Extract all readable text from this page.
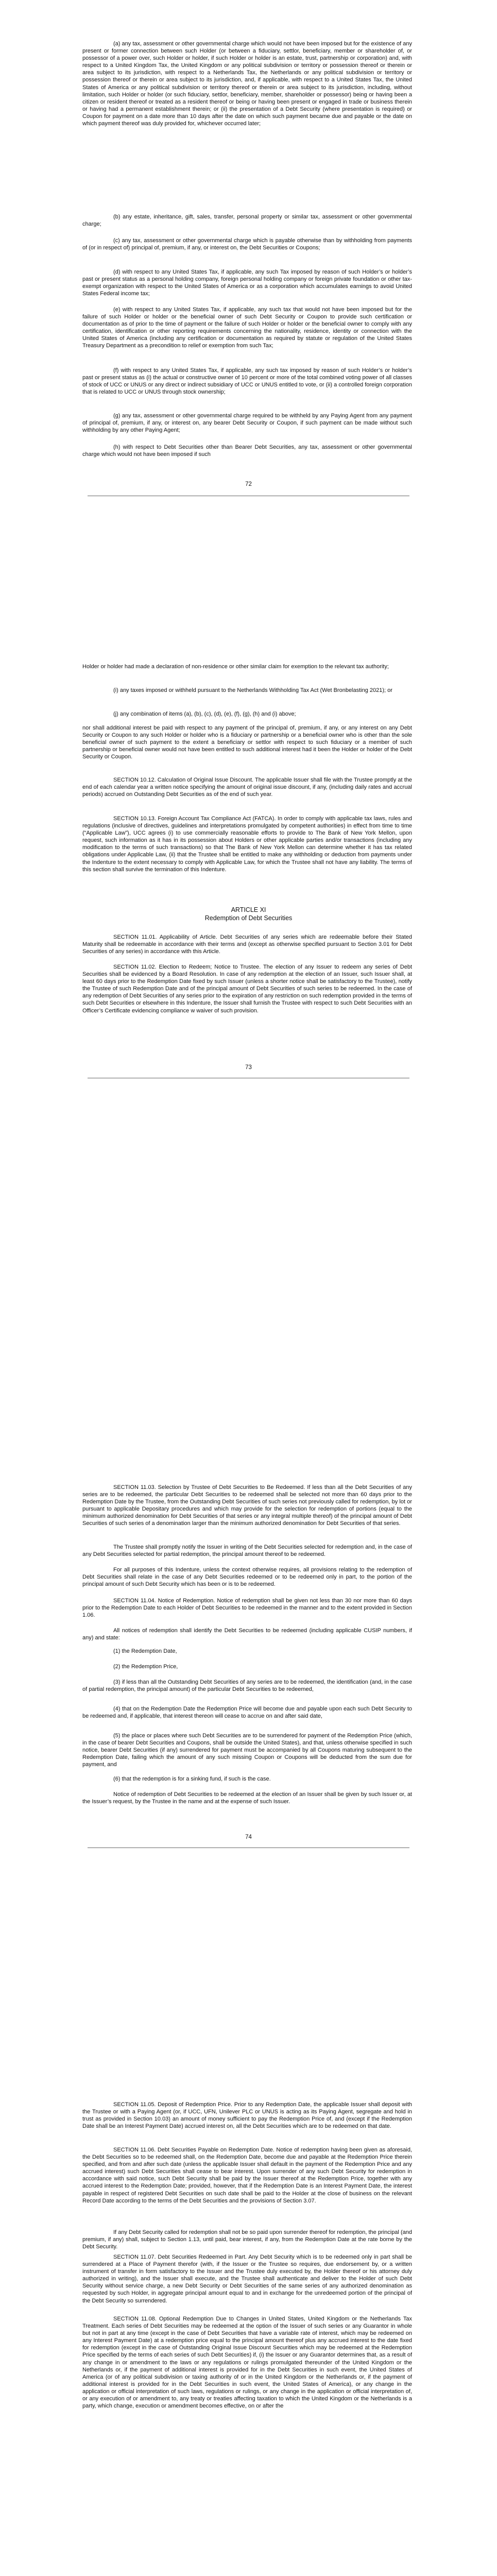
(a) any tax, assessment or other governmental charge which would not have been imposed but for the existence of any present or former connection between such Holder (or between a fiduciary, settlor, beneficiary, member or shareholder of, or possessor of a power over, such Holder or holder, if such Holder or holder is an estate, trust, partnership or corporation) and, with respect to a United Kingdom Tax, the United Kingdom or any political subdivision or territory or possession thereof or therein or area subject to its jurisdiction, with respect to a Netherlands Tax, the Netherlands or any political subdivision or territory or possession thereof or therein or area subject to its jurisdiction, and, if applicable, with respect to a United States Tax, the United States of America or any political subdivision or territory thereof or therein or area subject to its jurisdiction, including, without limitation, such Holder or holder (or such fiduciary, settlor, beneficiary, member, shareholder or possessor) being or having been a citizen or resident thereof or treated as a resident thereof or being or having been present or engaged in trade or business therein or having had a permanent establishment therein; or (ii) the presentation of a Debt Security (where presentation is required) or Coupon for payment on a date more than 10 days after the date on which such payment became due and payable or the date on which payment thereof was duly provided for, whichever occurred later;

(b) any estate, inheritance, gift, sales, transfer, personal property or similar tax, assessment or other governmental charge;

(c) any tax, assessment or other governmental charge which is payable otherwise than by withholding from payments of (or in respect of) principal of, premium, if any, or interest on, the Debt Securities or Coupons;

(d) with respect to any United States Tax, if applicable, any such Tax imposed by reason of such Holder’s or holder’s past or present status as a personal holding company, foreign personal holding company or foreign private foundation or other tax-exempt organization with respect to the United States of America or as a corporation which accumulates earnings to avoid United States Federal income tax;

(e) with respect to any United States Tax, if applicable, any such tax that would not have been imposed but for the failure of such Holder or holder or the beneficial owner of such Debt Security or Coupon to provide such certification or documentation as of prior to the time of payment or the failure of such Holder or holder or the beneficial owner to comply with any certification, identification or other reporting requirements concerning the nationality, residence, identity or connection with the United States of America (including any certification or documentation as required by statute or regulation of the United States Treasury Department as a precondition to relief or exemption from such Tax;

(f) with respect to any United States Tax, if applicable, any such tax imposed by reason of such Holder’s or holder’s past or present status as (i) the actual or constructive owner of 10 percent or more of the total combined voting power of all classes of stock of UCC or UNUS or any direct or indirect subsidiary of UCC or UNUS entitled to vote, or (ii) a controlled foreign corporation that is related to UCC or UNUS through stock ownership;

(g) any tax, assessment or other governmental charge required to be withheld by any Paying Agent from any payment of principal of, premium, if any, or interest on, any bearer Debt Security or Coupon, if such payment can be made without such withholding by any other Paying Agent;

(h) with respect to Debt Securities other than Bearer Debt Securities, any tax, assessment or other governmental charge which would not have been imposed if such

72

Holder or holder had made a declaration of non-residence or other similar claim for exemption to the relevant tax authority;

(i) any taxes imposed or withheld pursuant to the Netherlands Withholding Tax Act (Wet Bronbelasting 2021); or

(j) any combination of items (a), (b), (c), (d), (e), (f), (g), (h) and (i) above;

nor shall additional interest be paid with respect to any payment of the principal of, premium, if any, or any interest on any Debt Security or Coupon to any such Holder or holder who is a fiduciary or partnership or a beneficial owner who is other than the sole beneficial owner of such payment to the extent a beneficiary or settlor with respect to such fiduciary or a member of such partnership or beneficial owner would not have been entitled to such additional interest had it been the Holder or holder of the Debt Security or Coupon.

SECTION 10.12. Calculation of Original Issue Discount. The applicable Issuer shall file with the Trustee promptly at the end of each calendar year a written notice specifying the amount of original issue discount, if any, (including daily rates and accrual periods) accrued on Outstanding Debt Securities as of the end of such year.

SECTION 10.13. Foreign Account Tax Compliance Act (FATCA). In order to comply with applicable tax laws, rules and regulations (inclusive of directives, guidelines and interpretations promulgated by competent authorities) in effect from time to time (“Applicable Law”), UCC agrees (i) to use commercially reasonable efforts to provide to The Bank of New York Mellon, upon request, such information as it has in its possession about Holders or other applicable parties and/or transactions (including any modification to the terms of such transactions) so that The Bank of New York Mellon can determine whether it has tax related obligations under Applicable Law, (ii) that the Trustee shall be entitled to make any withholding or deduction from payments under the Indenture to the extent necessary to comply with Applicable Law, for which the Trustee shall not have any liability. The terms of this section shall survive the termination of this Indenture.

ARTICLE XI
Redemption of Debt Securities

SECTION 11.01. Applicability of Article. Debt Securities of any series which are redeemable before their Stated Maturity shall be redeemable in accordance with their terms and (except as otherwise specified pursuant to Section 3.01 for Debt Securities of any series) in accordance with this Article.

SECTION 11.02. Election to Redeem; Notice to Trustee. The election of any Issuer to redeem any series of Debt Securities shall be evidenced by a Board Resolution. In case of any redemption at the election of an Issuer, such Issuer shall, at least 60 days prior to the Redemption Date fixed by such Issuer (unless a shorter notice shall be satisfactory to the Trustee), notify the Trustee of such Redemption Date and of the principal amount of Debt Securities of such series to be redeemed. In the case of any redemption of Debt Securities of any series prior to the expiration of any restriction on such redemption provided in the terms of such Debt Securities or elsewhere in this Indenture, the Issuer shall furnish the Trustee with respect to such Debt Securities with an Officer’s Certificate evidencing compliance w waiver of such provision.

73

SECTION 11.03. Selection by Trustee of Debt Securities to Be Redeemed. If less than all the Debt Securities of any series are to be redeemed, the particular Debt Securities to be redeemed shall be selected not more than 60 days prior to the Redemption Date by the Trustee, from the Outstanding Debt Securities of such series not previously called for redemption, by lot or pursuant to applicable Depositary procedures and which may provide for the selection for redemption of portions (equal to the minimum authorized denomination for Debt Securities of that series or any integral multiple thereof) of the principal amount of Debt Securities of such series of a denomination larger than the minimum authorized denomination for Debt Securities of that series.

The Trustee shall promptly notify the Issuer in writing of the Debt Securities selected for redemption and, in the case of any Debt Securities selected for partial redemption, the principal amount thereof to be redeemed.

For all purposes of this Indenture, unless the context otherwise requires, all provisions relating to the redemption of Debt Securities shall relate in the case of any Debt Securities redeemed or to be redeemed only in part, to the portion of the principal amount of such Debt Security which has been or is to be redeemed.

SECTION 11.04. Notice of Redemption. Notice of redemption shall be given not less than 30 nor more than 60 days prior to the Redemption Date to each Holder of Debt Securities to be redeemed in the manner and to the extent provided in Section 1.06.

All notices of redemption shall identify the Debt Securities to be redeemed (including applicable CUSIP numbers, if any) and state:

(1) the Redemption Date,

(2) the Redemption Price,

(3) if less than all the Outstanding Debt Securities of any series are to be redeemed, the identification (and, in the case of partial redemption, the principal amount) of the particular Debt Securities to be redeemed,

(4) that on the Redemption Date the Redemption Price will become due and payable upon each such Debt Security to be redeemed and, if applicable, that interest thereon will cease to accrue on and after said date,

(5) the place or places where such Debt Securities are to be surrendered for payment of the Redemption Price (which, in the case of bearer Debt Securities and Coupons, shall be outside the United States), and that, unless otherwise specified in such notice, bearer Debt Securities (if any) surrendered for payment must be accompanied by all Coupons maturing subsequent to the Redemption Date, failing which the amount of any such missing Coupon or Coupons will be deducted from the sum due for payment, and

(6) that the redemption is for a sinking fund, if such is the case.

Notice of redemption of Debt Securities to be redeemed at the election of an Issuer shall be given by such Issuer or, at the Issuer’s request, by the Trustee in the name and at the expense of such Issuer.

74

SECTION 11.05. Deposit of Redemption Price. Prior to any Redemption Date, the applicable Issuer shall deposit with the Trustee or with a Paying Agent (or, if UCC, UFN, Unilever PLC or UNUS is acting as its Paying Agent, segregate and hold in trust as provided in Section 10.03) an amount of money sufficient to pay the Redemption Price of, and (except if the Redemption Date shall be an Interest Payment Date) accrued interest on, all the Debt Securities which are to be redeemed on that date.

SECTION 11.06. Debt Securities Payable on Redemption Date. Notice of redemption having been given as aforesaid, the Debt Securities so to be redeemed shall, on the Redemption Date, become due and payable at the Redemption Price therein specified, and from and after such date (unless the applicable Issuer shall default in the payment of the Redemption Price and any accrued interest) such Debt Securities shall cease to bear interest. Upon surrender of any such Debt Security for redemption in accordance with said notice, such Debt Security shall be paid by the Issuer thereof at the Redemption Price, together with any accrued interest to the Redemption Date; provided, however, that if the Redemption Date is an Interest Payment Date, the interest payable in respect of registered Debt Securities on such date shall be paid to the Holder at the close of business on the relevant Record Date according to the terms of the Debt Securities and the provisions of Section 3.07.

If any Debt Security called for redemption shall not be so paid upon surrender thereof for redemption, the principal (and premium, if any) shall, subject to Section 1.13, until paid, bear interest, if any, from the Redemption Date at the rate borne by the Debt Security.

SECTION 11.07. Debt Securities Redeemed in Part. Any Debt Security which is to be redeemed only in part shall be surrendered at a Place of Payment therefor (with, if the Issuer or the Trustee so requires, due endorsement by, or a written instrument of transfer in form satisfactory to the Issuer and the Trustee duly executed by, the Holder thereof or his attorney duly authorized in writing), and the Issuer shall execute, and the Trustee shall authenticate and deliver to the Holder of such Debt Security without service charge, a new Debt Security or Debt Securities of the same series of any authorized denomination as requested by such Holder, in aggregate principal amount equal to and in exchange for the unredeemed portion of the principal of the Debt Security so surrendered.

SECTION 11.08. Optional Redemption Due to Changes in United States, United Kingdom or the Netherlands Tax Treatment. Each series of Debt Securities may be redeemed at the option of the Issuer of such series or any Guarantor in whole but not in part at any time (except in the case of Debt Securities that have a variable rate of interest, which may be redeemed on any Interest Payment Date) at a redemption price equal to the principal amount thereof plus any accrued interest to the date fixed for redemption (except in the case of Outstanding Original Issue Discount Securities which may be redeemed at the Redemption Price specified by the terms of each series of such Debt Securities) if, (i) the Issuer or any Guarantor determines that, as a result of any change in or amendment to the laws or any regulations or rulings promulgated thereunder of the United Kingdom or the Netherlands or, if the payment of additional interest is provided for in the Debt Securities in such event, the United States of America (or of any political subdivision or taxing authority of or in the United Kingdom or the Netherlands or, if the payment of additional interest is provided for in the Debt Securities in such event, the United States of America), or any change in the application or official interpretation of such laws, regulations or rulings, or any change in the application or official interpretation of, or any execution of or amendment to, any treaty or treaties affecting taxation to which the United Kingdom or the Netherlands is a party, which change, execution or amendment becomes effective, on or after the
